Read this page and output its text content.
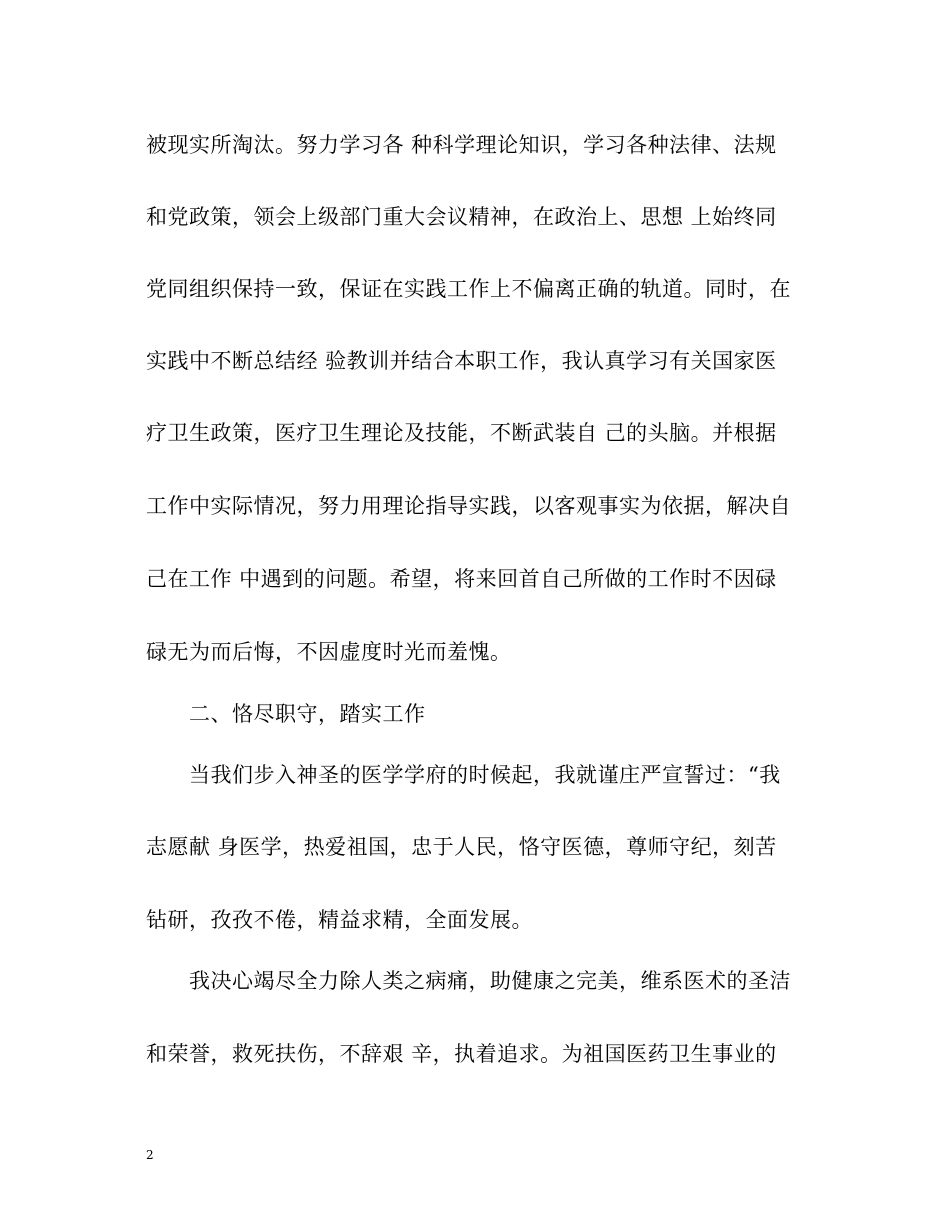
被现实所淘汰。努力学习各 种科学理论知识，学习各种法律、法规
和党政策，领会上级部门重大会议精神，在政治上、思想 上始终同
党同组织保持一致，保证在实践工作上不偏离正确的轨道。同时，在
实践中不断总结经 验教训并结合本职工作，我认真学习有关国家医
疗卫生政策，医疗卫生理论及技能，不断武装自 己的头脑。并根据
工作中实际情况，努力用理论指导实践，以客观事实为依据，解决自
己在工作 中遇到的问题。希望，将来回首自己所做的工作时不因碌
碌无为而后悔，不因虚度时光而羞愧。
二、恪尽职守，踏实工作
当我们步入神圣的医学学府的时候起，我就谨庄严宣誓过：“我
志愿献 身医学，热爱祖国，忠于人民，恪守医德，尊师守纪，刻苦
钻研，孜孜不倦，精益求精，全面发展。
我决心竭尽全力除人类之病痛，助健康之完美，维系医术的圣洁
和荣誉，救死扶伤，不辞艰 辛，执着追求。为祖国医药卫生事业的
2
